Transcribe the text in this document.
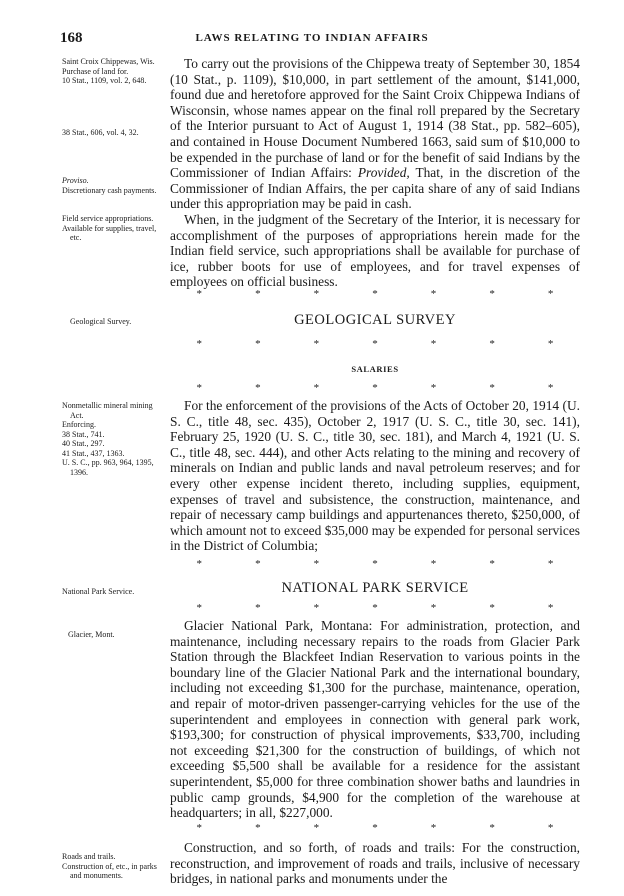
168	LAWS RELATING TO INDIAN AFFAIRS

Saint Croix Chippewas, Wis.

Purchase of land for.

10 Stat., 1109, vol. 2, 648.

38 Stat., 606, vol. 4, 32.

Proviso.

Discretionary cash payments.

Field service appropriations.

Available for supplies, travel, etc.

To carry out the provisions of the Chippewa treaty of September 30, 1854 (10 Stat., p. 1109), $10,000, in part settlement of the amount, $141,000, found due and heretofore approved for the Saint Croix Chippewa Indians of Wisconsin, whose names appear on the final roll prepared by the Secretary of the Interior pursuant to Act of August 1, 1914 (38 Stat., pp. 582–605), and contained in House Document Numbered 1663, said sum of $10,000 to be expended in the purchase of land or for the benefit of said Indians by the Commissioner of Indian Affairs: Provided, That, in the discretion of the Commissioner of Indian Affairs, the per capita share of any of said Indians under this appropriation may be paid in cash.

When, in the judgment of the Secretary of the Interior, it is necessary for accomplishment of the purposes of appropriations herein made for the Indian field service, such appropriations shall be available for purchase of ice, rubber boots for use of employees, and for travel expenses of employees on official business.

*	*	*	*	*	*	*
Geological Survey.	GEOLOGICAL SURVEY
*	*	*	*	*	*	*
SALARIES
*	*	*	*	*	*	*

Nonmetallic mineral mining Act.

Enforcing.

38 Stat., 741.

40 Stat., 297.

41 Stat., 437, 1363.

U. S. C., pp. 963, 964, 1395, 1396.

For the enforcement of the provisions of the Acts of October 20, 1914 (U. S. C., title 48, sec. 435), October 2, 1917 (U. S. C., title 30, sec. 141), February 25, 1920 (U. S. C., title 30, sec. 181), and March 4, 1921 (U. S. C., title 48, sec. 444), and other Acts relating to the mining and recovery of minerals on Indian and public lands and naval petroleum reserves; and for every other expense incident thereto, including supplies, equipment, expenses of travel and subsistence, the construction, maintenance, and repair of necessary camp buildings and appurtenances thereto, $250,000, of which amount not to exceed $35,000 may be expended for personal services in the District of Columbia;

*	*	*	*	*	*	*
National Park Service.	NATIONAL PARK SERVICE
*	*	*	*	*	*	*
Glacier, Mont.

Glacier National Park, Montana: For administration, protection, and maintenance, including necessary repairs to the roads from Glacier Park Station through the Blackfeet Indian Reservation to various points in the boundary line of the Glacier National Park and the international boundary, including not exceeding $1,300 for the purchase, maintenance, operation, and repair of motor-driven passenger-carrying vehicles for the use of the superintendent and employees in connection with general park work, $193,300; for construction of physical improvements, $33,700, including not exceeding $21,300 for the construction of buildings, of which not exceeding $5,500 shall be available for a residence for the assistant superintendent, $5,000 for three combination shower baths and laundries in public camp grounds, $4,900 for the completion of the warehouse at headquarters; in all, $227,000.

*	*	*	*	*	*	*

Roads and trails.

Construction of, etc., in parks and monuments.

Construction, and so forth, of roads and trails: For the construction, reconstruction, and improvement of roads and trails, inclusive of necessary bridges, in national parks and monuments under the
